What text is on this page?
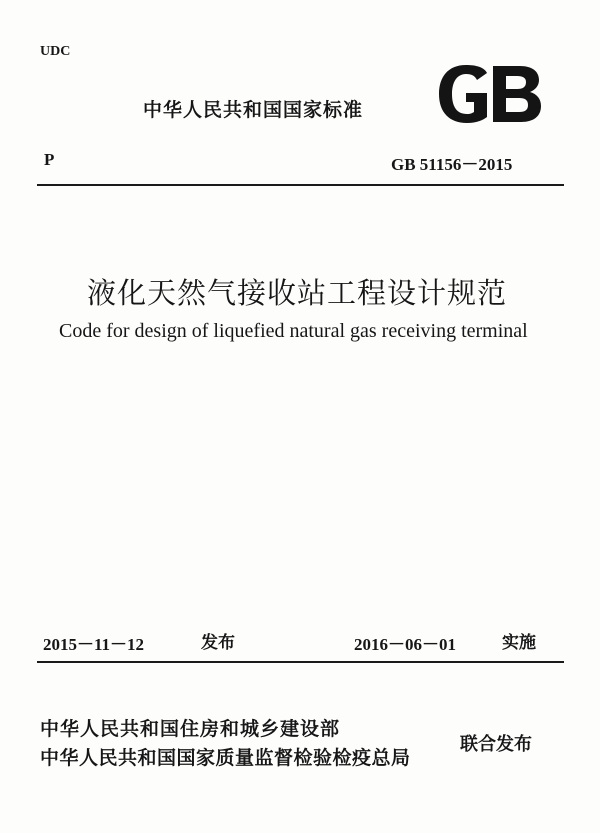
UDC
中华人民共和国国家标准
P	GB 51156－2015
液化天然气接收站工程设计规范
Code for design of liquefied natural gas receiving terminal
2015－11－12	发布	2016－06－01	实施
中华人民共和国住房和城乡建设部
中华人民共和国国家质量监督检验检疫总局
联合发布
